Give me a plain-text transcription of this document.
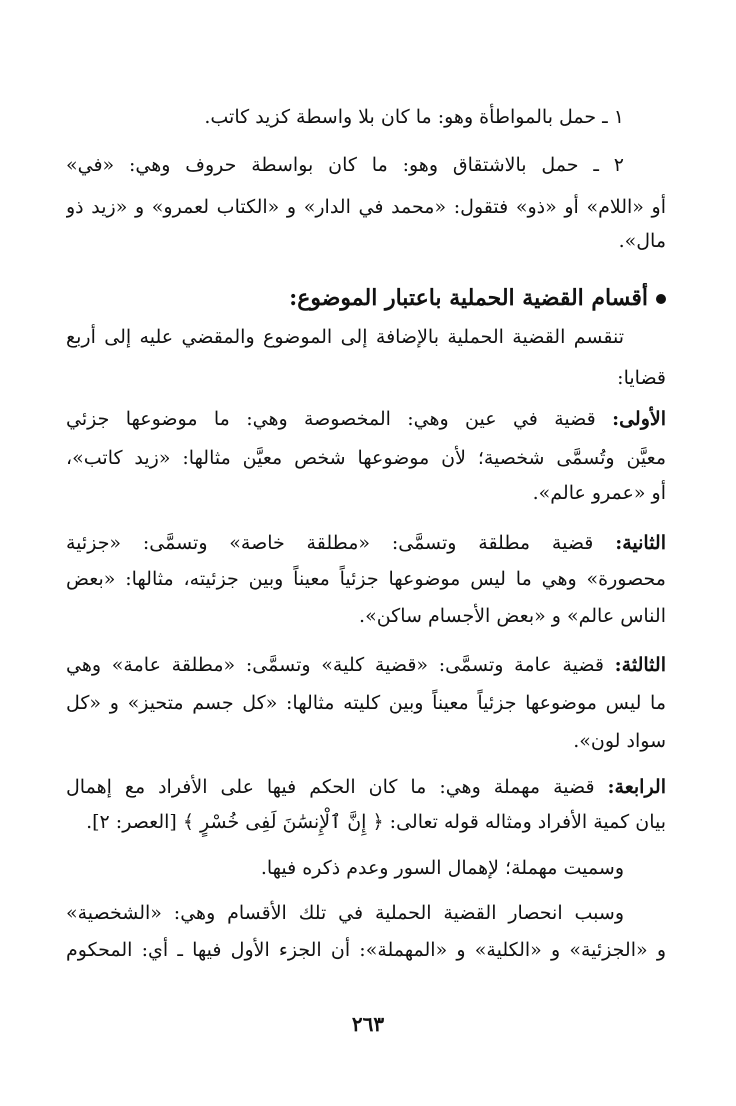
١ ـ حمل بالمواطأة وهو: ما كان بلا واسطة كزيد كاتب.
٢ ـ حمل بالاشتقاق وهو: ما كان بواسطة حروف وهي: «في»
أو «اللام» أو «ذو» فتقول: «محمد في الدار» و «الكتاب لعمرو» و «زيد ذو
مال».
أقسام القضية الحملية باعتبار الموضوع:
تنقسم القضية الحملية بالإضافة إلى الموضوع والمقضي عليه إلى أربع
قضايا:
الأولى: قضية في عين وهي: المخصوصة وهي: ما موضوعها جزئي
معيَّن وتُسمَّى شخصية؛ لأن موضوعها شخص معيَّن مثالها: «زيد كاتب»،
أو «عمرو عالم».
الثانية: قضية مطلقة وتسمَّى: «مطلقة خاصة» وتسمَّى: «جزئية
محصورة» وهي ما ليس موضوعها جزئياً معيناً وبين جزئيته، مثالها: «بعض
الناس عالم» و «بعض الأجسام ساكن».
الثالثة: قضية عامة وتسمَّى: «قضية كلية» وتسمَّى: «مطلقة عامة» وهي
ما ليس موضوعها جزئياً معيناً وبين كليته مثالها: «كل جسم متحيز» و «كل
سواد لون».
الرابعة: قضية مهملة وهي: ما كان الحكم فيها على الأفراد مع إهمال
بيان كمية الأفراد ومثاله قوله تعالى: ﴿ إِنَّ ٱلْإِنسَٰنَ لَفِى خُسْرٍ ﴾ [العصر: ٢].
وسميت مهملة؛ لإهمال السور وعدم ذكره فيها.
وسبب انحصار القضية الحملية في تلك الأقسام وهي: «الشخصية»
و «الجزئية» و «الكلية» و «المهملة»: أن الجزء الأول فيها ـ أي: المحكوم
٢٦٣
